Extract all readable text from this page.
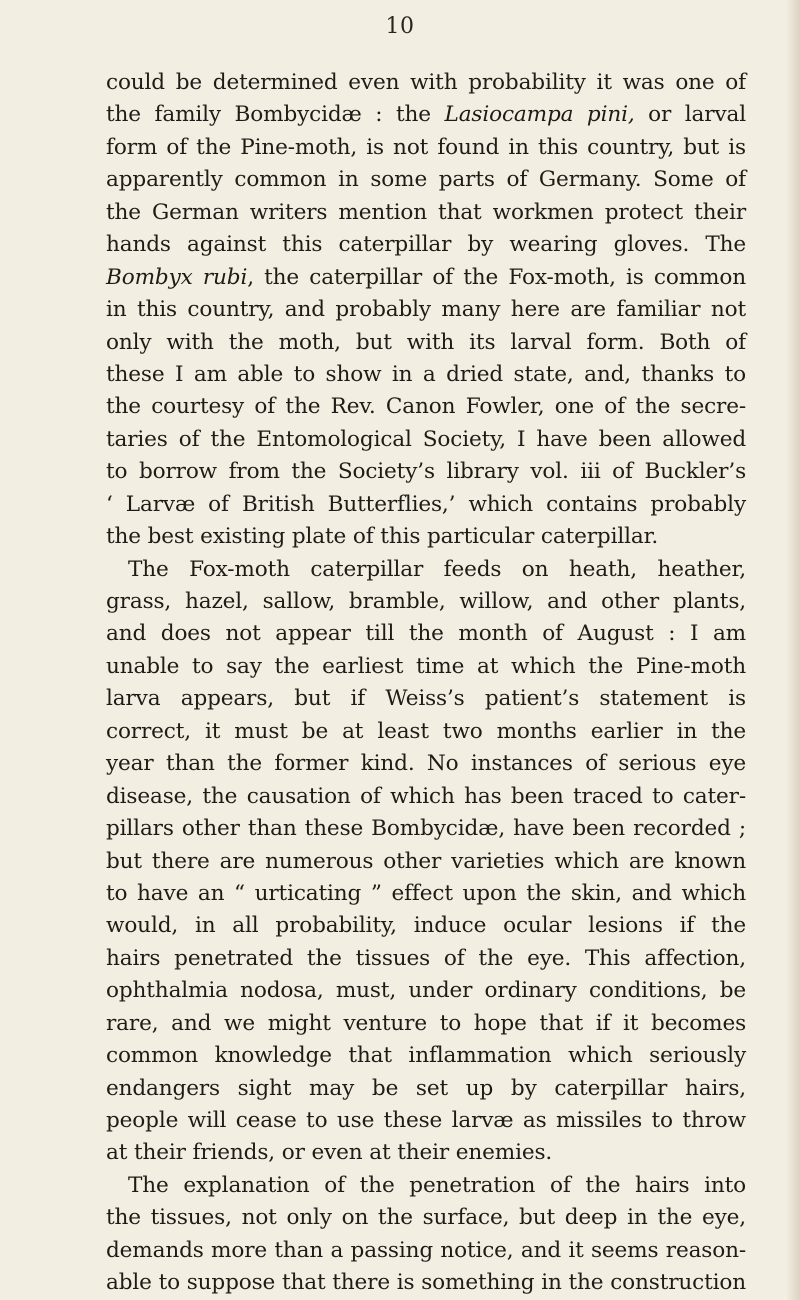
10
could be determined even with probability it was one of
the family Bombycidæ : the Lasiocampa pini, or larval
form of the Pine-moth, is not found in this country, but is
apparently common in some parts of Germany. Some of
the German writers mention that workmen protect their
hands against this caterpillar by wearing gloves. The
Bombyx rubi, the caterpillar of the Fox-moth, is common
in this country, and probably many here are familiar not
only with the moth, but with its larval form. Both of
these I am able to show in a dried state, and, thanks to
the courtesy of the Rev. Canon Fowler, one of the secre-
taries of the Entomological Society, I have been allowed
to borrow from the Society’s library vol. iii of Buckler’s
‘ Larvæ of British Butterflies,’ which contains probably
the best existing plate of this particular caterpillar.
The Fox-moth caterpillar feeds on heath, heather,
grass, hazel, sallow, bramble, willow, and other plants,
and does not appear till the month of August : I am
unable to say the earliest time at which the Pine-moth
larva appears, but if Weiss’s patient’s statement is
correct, it must be at least two months earlier in the
year than the former kind. No instances of serious eye
disease, the causation of which has been traced to cater-
pillars other than these Bombycidæ, have been recorded ;
but there are numerous other varieties which are known
to have an “ urticating ” effect upon the skin, and which
would, in all probability, induce ocular lesions if the
hairs penetrated the tissues of the eye. This affection,
ophthalmia nodosa, must, under ordinary conditions, be
rare, and we might venture to hope that if it becomes
common knowledge that inflammation which seriously
endangers sight may be set up by caterpillar hairs,
people will cease to use these larvæ as missiles to throw
at their friends, or even at their enemies.
The explanation of the penetration of the hairs into
the tissues, not only on the surface, but deep in the eye,
demands more than a passing notice, and it seems reason-
able to suppose that there is something in the construction
